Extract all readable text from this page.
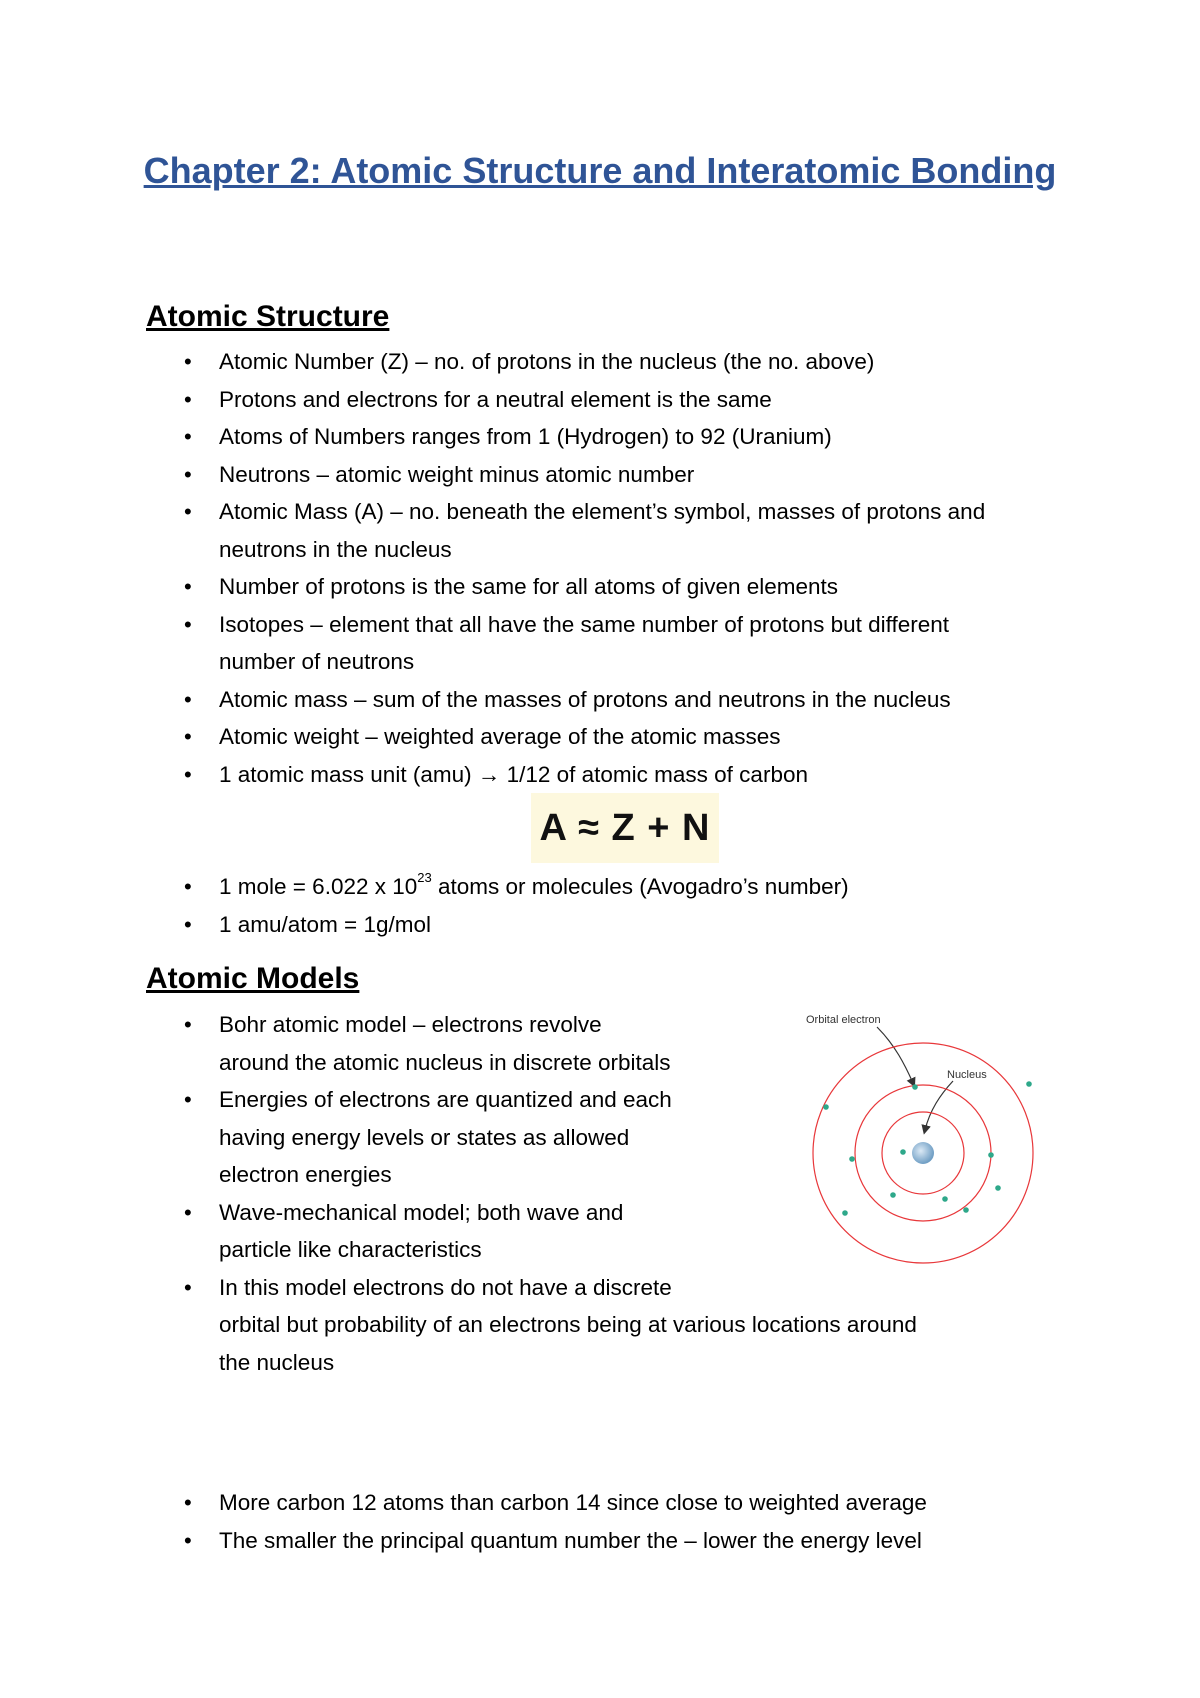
Chapter 2: Atomic Structure and Interatomic Bonding
Atomic Structure
• Atomic Number (Z) – no. of protons in the nucleus (the no. above)
• Protons and electrons for a neutral element is the same
• Atoms of Numbers ranges from 1 (Hydrogen) to 92 (Uranium)
• Neutrons – atomic weight minus atomic number
• Atomic Mass (A) – no. beneath the element’s symbol, masses of protons and neutrons in the nucleus
• Number of protons is the same for all atoms of given elements
• Isotopes – element that all have the same number of protons but different number of neutrons
• Atomic mass – sum of the masses of protons and neutrons in the nucleus
• Atomic weight – weighted average of the atomic masses
• 1 atomic mass unit (amu) → 1/12 of atomic mass of carbon
A ≈ Z + N
• 1 mole = 6.022 x $10^{23}$ atoms or molecules (Avogadro’s number)
• 1 amu/atom = 1g/mol
Atomic Models
• Bohr atomic model – electrons revolve
around the atomic nucleus in discrete orbitals
• Energies of electrons are quantized and each
having energy levels or states as allowed
electron energies
• Wave-mechanical model; both wave and
particle like characteristics
• In this model electrons do not have a discrete
orbital but probability of an electrons being at various locations around
the nucleus
Orbital electron
Nucleus
• More carbon 12 atoms than carbon 14 since close to weighted average
• The smaller the principal quantum number the – lower the energy level
